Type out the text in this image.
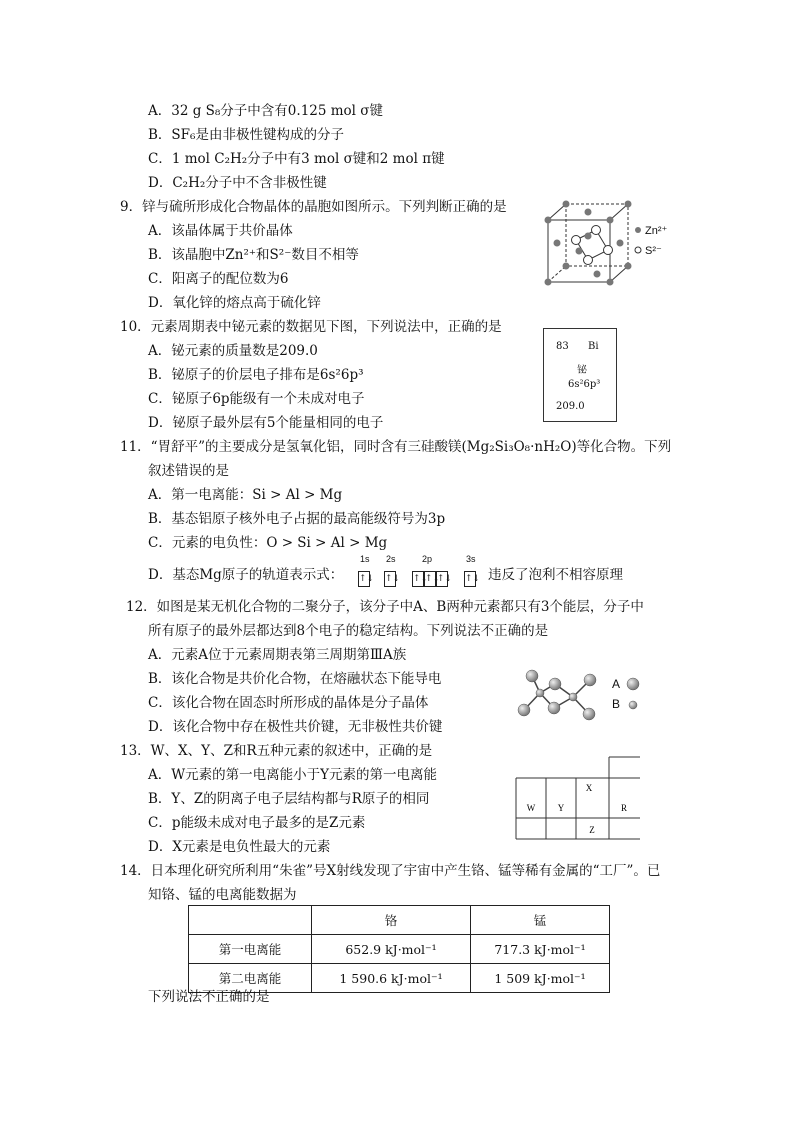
A．32 g S₈分子中含有0.125 mol σ键
B．SF₆是由非极性键构成的分子
C．1 mol C₂H₂分子中有3 mol σ键和2 mol π键
D．C₂H₂分子中不含非极性键
9．锌与硫所形成化合物晶体的晶胞如图所示。下列判断正确的是
A．该晶体属于共价晶体
B．该晶胞中Zn²⁺和S²⁻数目不相等
C．阳离子的配位数为6
D．氧化锌的熔点高于硫化锌
Zn²⁺
S²⁻
10．元素周期表中铋元素的数据见下图，下列说法中，正确的是
A．铋元素的质量数是209.0
B．铋原子的价层电子排布是6s²6p³
C．铋原子6p能级有一个未成对电子
D．铋原子最外层有5个能量相同的电子
83 Bi
铋
6s²6p³
209.0
11．“胃舒平”的主要成分是氢氧化铝，同时含有三硅酸镁(Mg₂Si₃O₈·nH₂O)等化合物。下列
叙述错误的是
A．第一电离能：Si > Al > Mg
B．基态铝原子核外电子占据的最高能级符号为3p
C．元素的电负性：O > Si > Al > Mg
D．基态Mg原子的轨道表示式：
1s 2s	2p	3s
↑↓ ↑↓ ↑↓↑↓↑↓ ↑↓ 违反了泡利不相容原理
12．如图是某无机化合物的二聚分子，该分子中A、B两种元素都只有3个能层，分子中
所有原子的最外层都达到8个电子的稳定结构。下列说法不正确的是
A．元素A位于元素周期表第三周期第ⅢA族
B．该化合物是共价化合物，在熔融状态下能导电
C．该化合物在固态时所形成的晶体是分子晶体
D．该化合物中存在极性共价键，无非极性共价键
A
B
13．W、X、Y、Z和R五种元素的叙述中，正确的是
A．W元素的第一电离能小于Y元素的第一电离能
B．Y、Z的阴离子电子层结构都与R原子的相同
C．p能级未成对电子最多的是Z元素
D．X元素是电负性最大的元素
X
W	Y	R
Z
14．日本理化研究所利用“朱雀”号X射线发现了宇宙中产生铬、锰等稀有金属的“工厂”。已
知铬、锰的电离能数据为
	铬	锰
第一电离能	652.9 kJ·mol⁻¹	717.3 kJ·mol⁻¹
第二电离能	1 590.6 kJ·mol⁻¹	1 509 kJ·mol⁻¹
下列说法不正确的是
